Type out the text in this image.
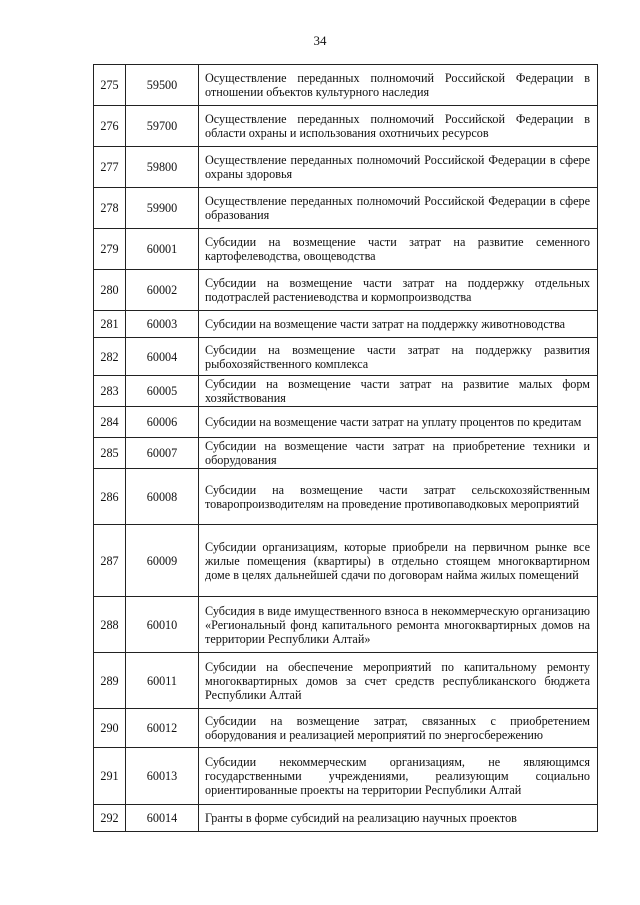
34
275	59500	Осуществление переданных полномочий Российской Федерации в отношении объектов культурного наследия
276	59700	Осуществление переданных полномочий Российской Федерации в области охраны и использования охотничьих ресурсов
277	59800	Осуществление переданных полномочий Российской Федерации в сфере охраны здоровья
278	59900	Осуществление переданных полномочий Российской Федерации в сфере образования
279	60001	Субсидии на возмещение части затрат на развитие семенного картофелеводства, овощеводства
280	60002	Субсидии на возмещение части затрат на поддержку отдельных подотраслей растениеводства и кормопроизводства
281	60003	Субсидии на возмещение части затрат на поддержку животноводства
282	60004	Субсидии на возмещение части затрат на поддержку развития рыбохозяйственного комплекса
283	60005	Субсидии на возмещение части затрат на развитие малых форм хозяйствования
284	60006	Субсидии на возмещение части затрат на уплату процентов по кредитам
285	60007	Субсидии на возмещение части затрат на приобретение техники и оборудования
286	60008	Субсидии на возмещение части затрат сельскохозяйственным товаропроизводителям на проведение противопаводковых мероприятий
287	60009	Субсидии организациям, которые приобрели на первичном рынке все жилые помещения (квартиры) в отдельно стоящем многоквартирном доме в целях дальнейшей сдачи по договорам найма жилых помещений
288	60010	Субсидия в виде имущественного взноса в некоммерческую организацию «Региональный фонд капитального ремонта многоквартирных домов на территории Республики Алтай»
289	60011	Субсидии на обеспечение мероприятий по капитальному ремонту многоквартирных домов за счет средств республиканского бюджета Республики Алтай
290	60012	Субсидии на возмещение затрат, связанных с приобретением оборудования и реализацией мероприятий по энергосбережению
291	60013	Субсидии некоммерческим организациям, не являющимся государственными учреждениями, реализующим социально ориентированные проекты на территории Республики Алтай
292	60014	Гранты в форме субсидий на реализацию научных проектов
